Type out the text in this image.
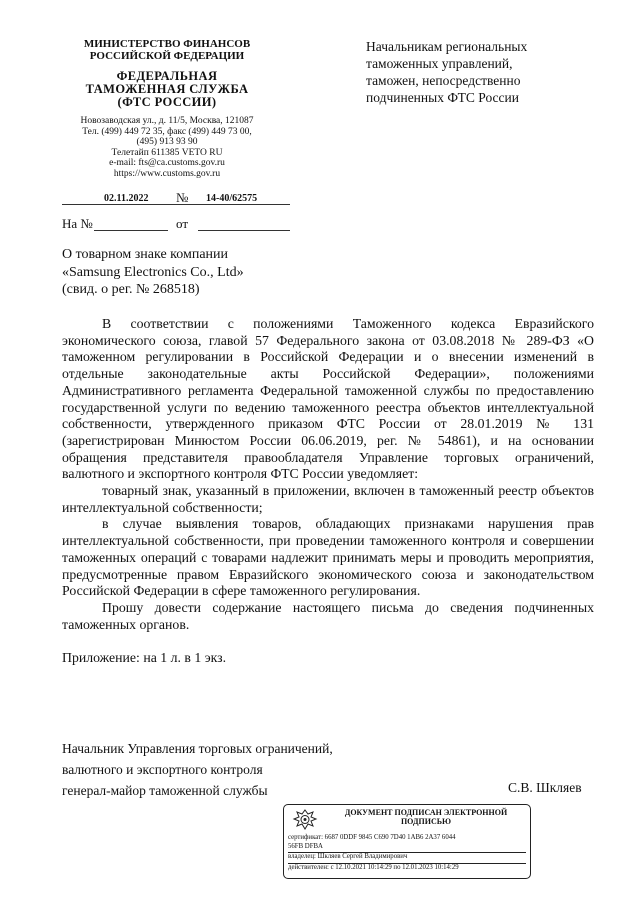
МИНИСТЕРСТВО ФИНАНСОВ
РОССИЙСКОЙ ФЕДЕРАЦИИ
ФЕДЕРАЛЬНАЯ
ТАМОЖЕННАЯ СЛУЖБА
(ФТС РОССИИ)
Новозаводская ул., д. 11/5, Москва, 121087
Тел. (499) 449 72 35, факс (499) 449 73 00,
(495) 913 93 90
Телетайп 611385 VETO RU
e-mail: fts@ca.customs.gov.ru
https://www.customs.gov.ru
02.11.2022 № 14-40/62575
На №	от
Начальникам региональных
таможенных управлений,
таможен, непосредственно
подчиненных ФТС России
О товарном знаке компании
«Samsung Electronics Co., Ltd»
(свид. о рег. № 268518)

В соответствии с положениями Таможенного кодекса Евразийского экономического союза, главой 57 Федерального закона от 03.08.2018 № 289-ФЗ «О таможенном регулировании в Российской Федерации и о внесении изменений в отдельные законодательные акты Российской Федерации», положениями Административного регламента Федеральной таможенной службы по предоставлению государственной услуги по ведению таможенного реестра объектов интеллектуальной собственности, утвержденного приказом ФТС России от 28.01.2019 № 131 (зарегистрирован Минюстом России 06.06.2019, рег. № 54861), и на основании обращения представителя правообладателя Управление торговых ограничений, валютного и экспортного контроля ФТС России уведомляет:

товарный знак, указанный в приложении, включен в таможенный реестр объектов интеллектуальной собственности;

в случае выявления товаров, обладающих признаками нарушения прав интеллектуальной собственности, при проведении таможенного контроля и совершении таможенных операций с товарами надлежит принимать меры и проводить мероприятия, предусмотренные правом Евразийского экономического союза и законодательством Российской Федерации в сфере таможенного регулирования.

Прошу довести содержание настоящего письма до сведения подчиненных таможенных органов.

Приложение: на 1 л. в 1 экз.

Начальник Управления торговых ограничений,
валютного и экспортного контроля
генерал-майор таможенной службы	С.В. Шкляев
ДОКУМЕНТ ПОДПИСАН ЭЛЕКТРОННОЙ
ПОДПИСЬЮ
сертификат: 6687 0DDF 9845 C690 7D40 1AB6 2A37 6044
56FB DFBA
владелец: Шкляев Сергей Владимирович
действителен: с 12.10.2021 10:14:29 по 12.01.2023 10:14:29
